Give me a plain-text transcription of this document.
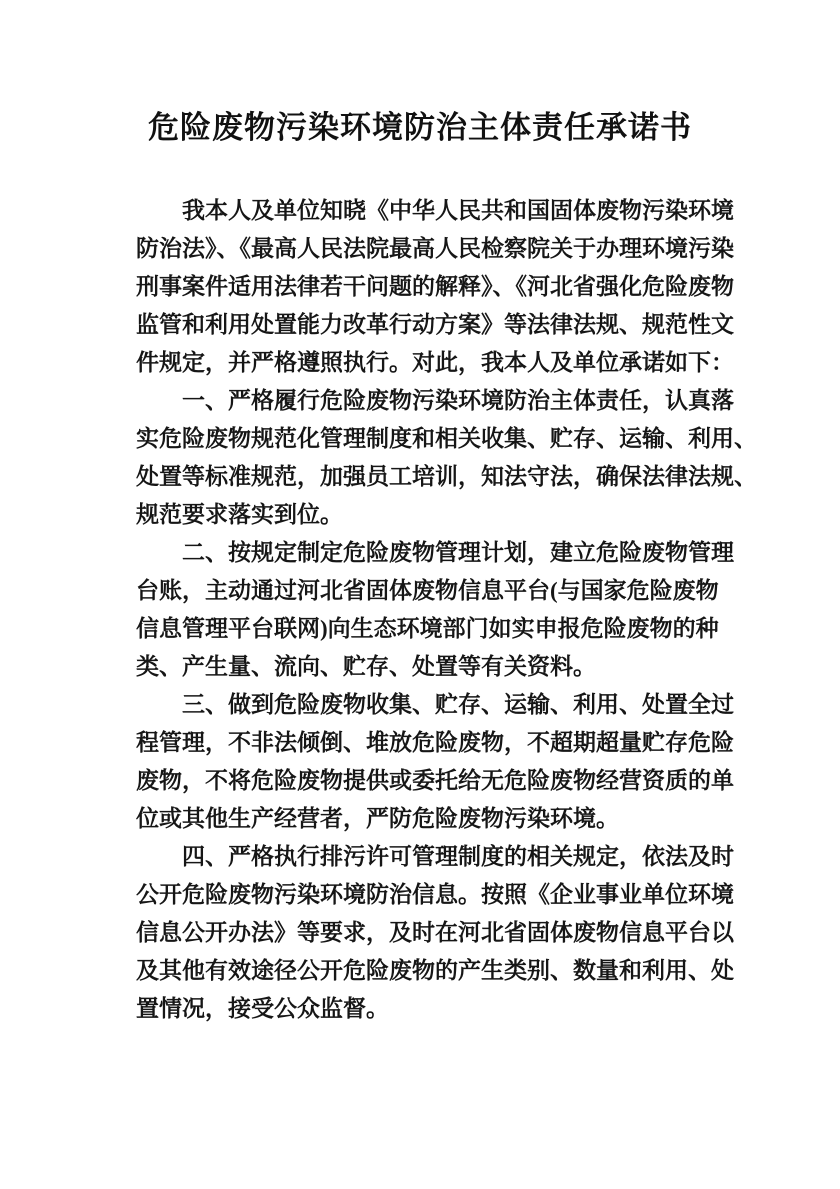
危险废物污染环境防治主体责任承诺书
我本人及单位知晓《中华人民共和国固体废物污染环境
防治法》、《最高人民法院最高人民检察院关于办理环境污染
刑事案件适用法律若干问题的解释》、《河北省强化危险废物
监管和利用处置能力改革行动方案》等法律法规、规范性文
件规定，并严格遵照执行。对此，我本人及单位承诺如下：
一、严格履行危险废物污染环境防治主体责任，认真落
实危险废物规范化管理制度和相关收集、贮存、运输、利用、
处置等标准规范，加强员工培训，知法守法，确保法律法规、
规范要求落实到位。
二、按规定制定危险废物管理计划，建立危险废物管理
台账，主动通过河北省固体废物信息平台(与国家危险废物
信息管理平台联网)向生态环境部门如实申报危险废物的种
类、产生量、流向、贮存、处置等有关资料。
三、做到危险废物收集、贮存、运输、利用、处置全过
程管理，不非法倾倒、堆放危险废物，不超期超量贮存危险
废物，不将危险废物提供或委托给无危险废物经营资质的单
位或其他生产经营者，严防危险废物污染环境。
四、严格执行排污许可管理制度的相关规定，依法及时
公开危险废物污染环境防治信息。按照《企业事业单位环境
信息公开办法》等要求，及时在河北省固体废物信息平台以
及其他有效途径公开危险废物的产生类别、数量和利用、处
置情况，接受公众监督。
